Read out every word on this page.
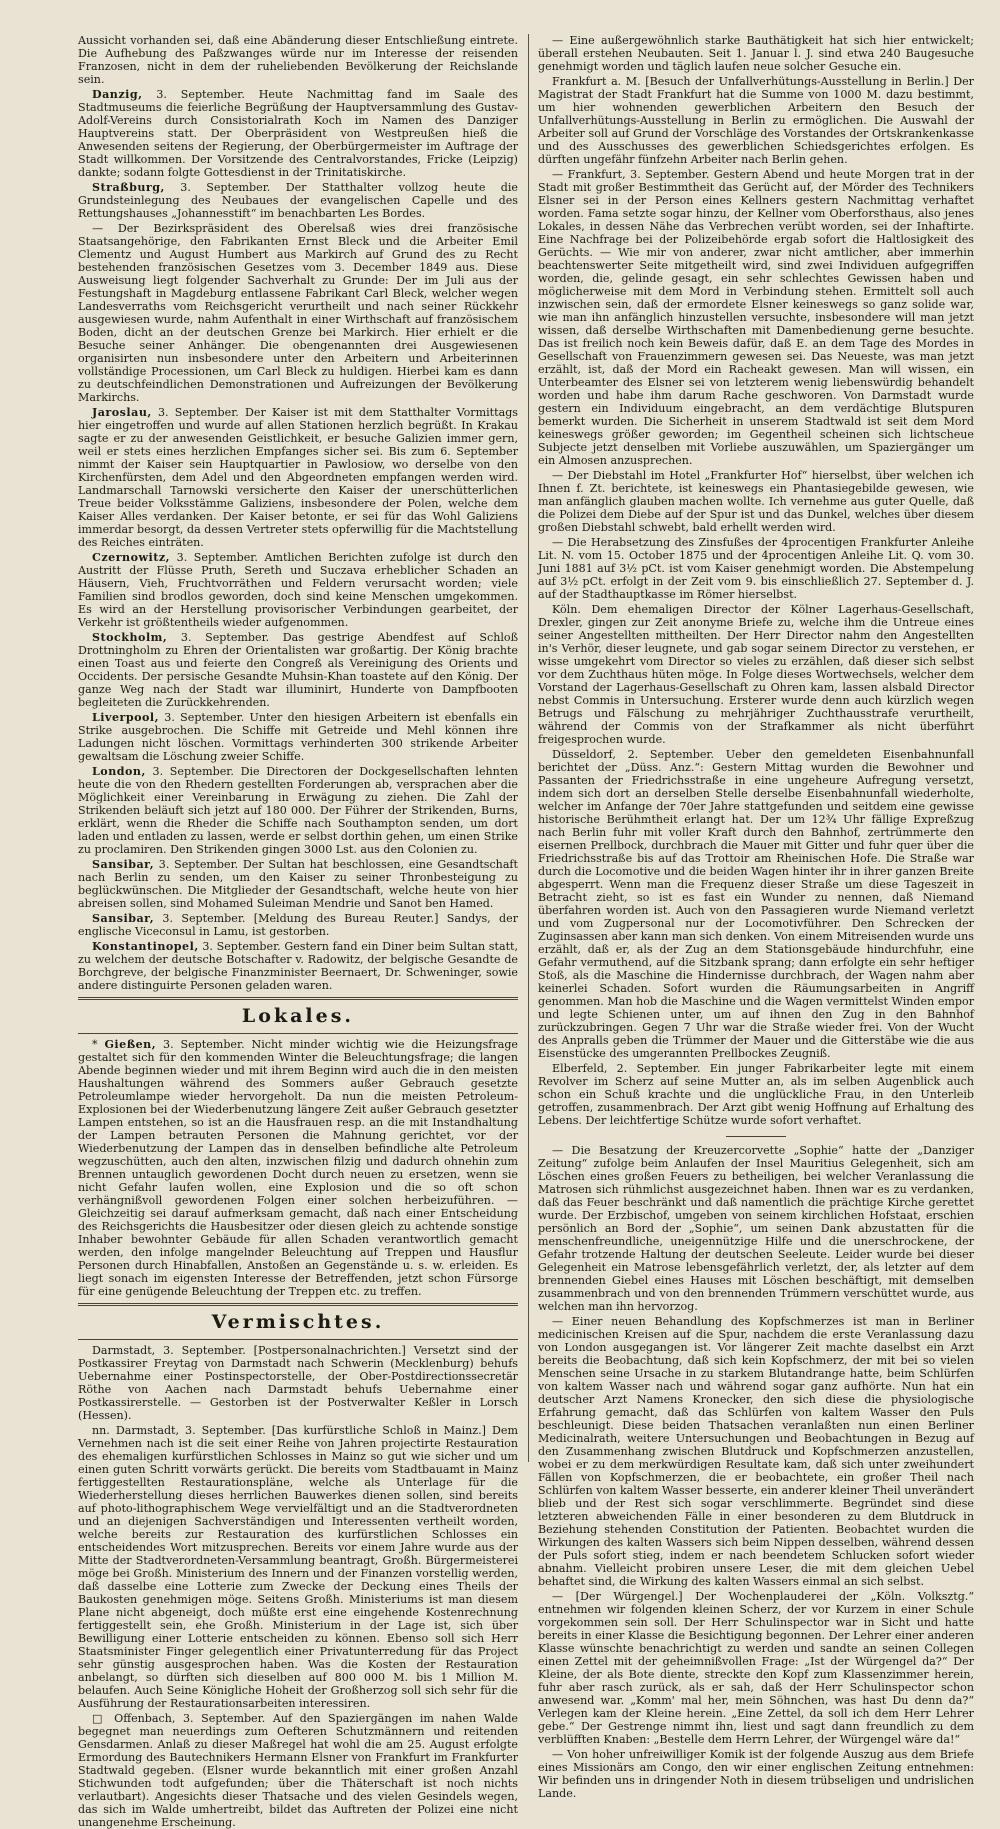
Aussicht vorhanden sei, daß eine Abänderung dieser Entschließung eintrete. Die Aufhebung des Paßzwanges würde nur im Interesse der reisenden Franzosen, nicht in dem der ruheliebenden Bevölkerung der Reichslande sein.

Danzig, 3. September. Heute Nachmittag fand im Saale des Stadtmuseums die feierliche Begrüßung der Hauptversammlung des Gustav-Adolf-Vereins durch Consistorialrath Koch im Namen des Danziger Hauptvereins statt. Der Oberpräsident von Westpreußen hieß die Anwesenden seitens der Regierung, der Oberbürgermeister im Auftrage der Stadt willkommen. Der Vorsitzende des Centralvorstandes, Fricke (Leipzig) dankte; sodann folgte Gottesdienst in der Trinitatiskirche.

Straßburg, 3. September. Der Statthalter vollzog heute die Grundsteinlegung des Neubaues der evangelischen Capelle und des Rettungshauses „Johannesstift“ im benachbarten Les Bordes.

— Der Bezirkspräsident des Oberelsaß wies drei französische Staatsangehörige, den Fabrikanten Ernst Bleck und die Arbeiter Emil Clementz und August Humbert aus Markirch auf Grund des zu Recht bestehenden französischen Gesetzes vom 3. December 1849 aus. Diese Ausweisung liegt folgender Sachverhalt zu Grunde: Der im Juli aus der Festungshaft in Magdeburg entlassene Fabrikant Carl Bleck, welcher wegen Landesverraths vom Reichsgericht verurtheilt und nach seiner Rückkehr ausgewiesen wurde, nahm Aufenthalt in einer Wirthschaft auf französischem Boden, dicht an der deutschen Grenze bei Markirch. Hier erhielt er die Besuche seiner Anhänger. Die obengenannten drei Ausgewiesenen organisirten nun insbesondere unter den Arbeitern und Arbeiterinnen vollständige Processionen, um Carl Bleck zu huldigen. Hierbei kam es dann zu deutschfeindlichen Demonstrationen und Aufreizungen der Bevölkerung Markirchs.

Jaroslau, 3. September. Der Kaiser ist mit dem Statthalter Vormittags hier eingetroffen und wurde auf allen Stationen herzlich begrüßt. In Krakau sagte er zu der anwesenden Geistlichkeit, er besuche Galizien immer gern, weil er stets eines herzlichen Empfanges sicher sei. Bis zum 6. September nimmt der Kaiser sein Hauptquartier in Pawlosiow, wo derselbe von den Kirchenfürsten, dem Adel und den Abgeordneten empfangen werden wird. Landmarschall Tarnowski versicherte den Kaiser der unerschütterlichen Treue beider Volksstämme Galiziens, insbesondere der Polen, welche dem Kaiser Alles verdanken. Der Kaiser betonte, er sei für das Wohl Galiziens immerdar besorgt, da dessen Vertreter stets opferwillig für die Machtstellung des Reiches einträten.

Czernowitz, 3. September. Amtlichen Berichten zufolge ist durch den Austritt der Flüsse Pruth, Sereth und Suczava erheblicher Schaden an Häusern, Vieh, Fruchtvorräthen und Feldern verursacht worden; viele Familien sind brodlos geworden, doch sind keine Menschen umgekommen. Es wird an der Herstellung provisorischer Verbindungen gearbeitet, der Verkehr ist größtentheils wieder aufgenommen.

Stockholm, 3. September. Das gestrige Abendfest auf Schloß Drottningholm zu Ehren der Orientalisten war großartig. Der König brachte einen Toast aus und feierte den Congreß als Vereinigung des Orients und Occidents. Der persische Gesandte Muhsin-Khan toastete auf den König. Der ganze Weg nach der Stadt war illuminirt, Hunderte von Dampfbooten begleiteten die Zurückkehrenden.

Liverpool, 3. September. Unter den hiesigen Arbeitern ist ebenfalls ein Strike ausgebrochen. Die Schiffe mit Getreide und Mehl können ihre Ladungen nicht löschen. Vormittags verhinderten 300 strikende Arbeiter gewaltsam die Löschung zweier Schiffe.

London, 3. September. Die Directoren der Dockgesellschaften lehnten heute die von den Rhedern gestellten Forderungen ab, versprachen aber die Möglichkeit einer Vereinbarung in Erwägung zu ziehen. Die Zahl der Strikenden beläuft sich jetzt auf 180 000. Der Führer der Strikenden, Burns, erklärt, wenn die Rheder die Schiffe nach Southampton senden, um dort laden und entladen zu lassen, werde er selbst dorthin gehen, um einen Strike zu proclamiren. Den Strikenden gingen 3000 Lst. aus den Colonien zu.

Sansibar, 3. September. Der Sultan hat beschlossen, eine Gesandtschaft nach Berlin zu senden, um den Kaiser zu seiner Thronbesteigung zu beglückwünschen. Die Mitglieder der Gesandtschaft, welche heute von hier abreisen sollen, sind Mohamed Suleiman Mendrie und Sanot ben Hamed.

Sansibar, 3. September. [Meldung des Bureau Reuter.] Sandys, der englische Viceconsul in Lamu, ist gestorben.

Konstantinopel, 3. September. Gestern fand ein Diner beim Sultan statt, zu welchem der deutsche Botschafter v. Radowitz, der belgische Gesandte de Borchgreve, der belgische Finanzminister Beernaert, Dr. Schweninger, sowie andere distinguirte Personen geladen waren.

Lokales.

* Gießen, 3. September. Nicht minder wichtig wie die Heizungsfrage gestaltet sich für den kommenden Winter die Beleuchtungsfrage; die langen Abende beginnen wieder und mit ihrem Beginn wird auch die in den meisten Haushaltungen während des Sommers außer Gebrauch gesetzte Petroleumlampe wieder hervorgeholt. Da nun die meisten Petroleum-Explosionen bei der Wiederbenutzung längere Zeit außer Gebrauch gesetzter Lampen entstehen, so ist an die Hausfrauen resp. an die mit Instandhaltung der Lampen betrauten Personen die Mahnung gerichtet, vor der Wiederbenutzung der Lampen das in denselben befindliche alte Petroleum wegzuschütten, auch den alten, inzwischen filzig und dadurch ohnehin zum Brennen untauglich gewordenen Docht durch neuen zu ersetzen, wenn sie nicht Gefahr laufen wollen, eine Explosion und die so oft schon verhängnißvoll gewordenen Folgen einer solchen herbeizuführen. — Gleichzeitig sei darauf aufmerksam gemacht, daß nach einer Entscheidung des Reichsgerichts die Hausbesitzer oder diesen gleich zu achtende sonstige Inhaber bewohnter Gebäude für allen Schaden verantwortlich gemacht werden, den infolge mangelnder Beleuchtung auf Treppen und Hausflur Personen durch Hinabfallen, Anstoßen an Gegenstände u. s. w. erleiden. Es liegt sonach im eigensten Interesse der Betreffenden, jetzt schon Fürsorge für eine genügende Beleuchtung der Treppen etc. zu treffen.

Vermischtes.

Darmstadt, 3. September. [Postpersonalnachrichten.] Versetzt sind der Postkassirer Freytag von Darmstadt nach Schwerin (Mecklenburg) behufs Uebernahme einer Postinspectorstelle, der Ober-Postdirectionssecretär Röthe von Aachen nach Darmstadt behufs Uebernahme einer Postkassirerstelle. — Gestorben ist der Postverwalter Keßler in Lorsch (Hessen).

nn. Darmstadt, 3. September. [Das kurfürstliche Schloß in Mainz.] Dem Vernehmen nach ist die seit einer Reihe von Jahren projectirte Restauration des ehemaligen kurfürstlichen Schlosses in Mainz so gut wie sicher und um einen guten Schritt vorwärts gerückt. Die bereits vom Stadtbauamt in Mainz fertiggestellten Restaurationspläne, welche als Unterlage für die Wiederherstellung dieses herrlichen Bauwerkes dienen sollen, sind bereits auf photo-lithographischem Wege vervielfältigt und an die Stadtverordneten und an diejenigen Sachverständigen und Interessenten vertheilt worden, welche bereits zur Restauration des kurfürstlichen Schlosses ein entscheidendes Wort mitzusprechen. Bereits vor einem Jahre wurde aus der Mitte der Stadtverordneten-Versammlung beantragt, Großh. Bürgermeisterei möge bei Großh. Ministerium des Innern und der Finanzen vorstellig werden, daß dasselbe eine Lotterie zum Zwecke der Deckung eines Theils der Baukosten genehmigen möge. Seitens Großh. Ministeriums ist man diesem Plane nicht abgeneigt, doch müßte erst eine eingehende Kostenrechnung fertiggestellt sein, ehe Großh. Ministerium in der Lage ist, sich über Bewilligung einer Lotterie entscheiden zu können. Ebenso soll sich Herr Staatsminister Finger gelegentlich einer Privatunterredung für das Project sehr günstig ausgesprochen haben. Was die Kosten der Restauration anbelangt, so dürften sich dieselben auf 800 000 M. bis 1 Million M. belaufen. Auch Seine Königliche Hoheit der Großherzog soll sich sehr für die Ausführung der Restaurationsarbeiten interessiren.

□ Offenbach, 3. September. Auf den Spaziergängen im nahen Walde begegnet man neuerdings zum Oefteren Schutzmännern und reitenden Gensdarmen. Anlaß zu dieser Maßregel hat wohl die am 25. August erfolgte Ermordung des Bautechnikers Hermann Elsner von Frankfurt im Frankfurter Stadtwald gegeben. (Elsner wurde bekanntlich mit einer großen Anzahl Stichwunden todt aufgefunden; über die Thäterschaft ist noch nichts verlautbart). Angesichts dieser Thatsache und des vielen Gesindels wegen, das sich im Walde umhertreibt, bildet das Auftreten der Polizei eine nicht unangenehme Erscheinung.

— Eine außergewöhnlich starke Bauthätigkeit hat sich hier entwickelt; überall erstehen Neubauten. Seit 1. Januar l. J. sind etwa 240 Baugesuche genehmigt worden und täglich laufen neue solcher Gesuche ein.

Frankfurt a. M. [Besuch der Unfallverhütungs-Ausstellung in Berlin.] Der Magistrat der Stadt Frankfurt hat die Summe von 1000 M. dazu bestimmt, um hier wohnenden gewerblichen Arbeitern den Besuch der Unfallverhütungs-Ausstellung in Berlin zu ermöglichen. Die Auswahl der Arbeiter soll auf Grund der Vorschläge des Vorstandes der Ortskrankenkasse und des Ausschusses des gewerblichen Schiedsgerichtes erfolgen. Es dürften ungefähr fünfzehn Arbeiter nach Berlin gehen.

— Frankfurt, 3. September. Gestern Abend und heute Morgen trat in der Stadt mit großer Bestimmtheit das Gerücht auf, der Mörder des Technikers Elsner sei in der Person eines Kellners gestern Nachmittag verhaftet worden. Fama setzte sogar hinzu, der Kellner vom Oberforsthaus, also jenes Lokales, in dessen Nähe das Verbrechen verübt worden, sei der Inhaftirte. Eine Nachfrage bei der Polizeibehörde ergab sofort die Haltlosigkeit des Gerüchts. — Wie mir von anderer, zwar nicht amtlicher, aber immerhin beachtenswerter Seite mitgetheilt wird, sind zwei Individuen aufgegriffen worden, die, gelinde gesagt, ein sehr schlechtes Gewissen haben und möglicherweise mit dem Mord in Verbindung stehen. Ermittelt soll auch inzwischen sein, daß der ermordete Elsner keineswegs so ganz solide war, wie man ihn anfänglich hinzustellen versuchte, insbesondere will man jetzt wissen, daß derselbe Wirthschaften mit Damenbedienung gerne besuchte. Das ist freilich noch kein Beweis dafür, daß E. an dem Tage des Mordes in Gesellschaft von Frauenzimmern gewesen sei. Das Neueste, was man jetzt erzählt, ist, daß der Mord ein Racheakt gewesen. Man will wissen, ein Unterbeamter des Elsner sei von letzterem wenig liebenswürdig behandelt worden und habe ihm darum Rache geschworen. Von Darmstadt wurde gestern ein Individuum eingebracht, an dem verdächtige Blutspuren bemerkt wurden. Die Sicherheit in unserem Stadtwald ist seit dem Mord keineswegs größer geworden; im Gegentheil scheinen sich lichtscheue Subjecte jetzt denselben mit Vorliebe auszuwählen, um Spaziergänger um ein Almosen anzusprechen.

— Der Diebstahl im Hotel „Frankfurter Hof“ hierselbst, über welchen ich Ihnen f. Zt. berichtete, ist keineswegs ein Phantasiegebilde gewesen, wie man anfänglich glauben machen wollte. Ich vernehme aus guter Quelle, daß die Polizei dem Diebe auf der Spur ist und das Dunkel, welches über diesem großen Diebstahl schwebt, bald erhellt werden wird.

— Die Herabsetzung des Zinsfußes der 4procentigen Frankfurter Anleihe Lit. N. vom 15. October 1875 und der 4procentigen Anleihe Lit. Q. vom 30. Juni 1881 auf 3½ pCt. ist vom Kaiser genehmigt worden. Die Abstempelung auf 3½ pCt. erfolgt in der Zeit vom 9. bis einschließlich 27. September d. J. auf der Stadthauptkasse im Römer hierselbst.

Köln. Dem ehemaligen Director der Kölner Lagerhaus-Gesellschaft, Drexler, gingen zur Zeit anonyme Briefe zu, welche ihm die Untreue eines seiner Angestellten mittheilten. Der Herr Director nahm den Angestellten in's Verhör, dieser leugnete, und gab sogar seinem Director zu verstehen, er wisse umgekehrt vom Director so vieles zu erzählen, daß dieser sich selbst vor dem Zuchthaus hüten möge. In Folge dieses Wortwechsels, welcher dem Vorstand der Lagerhaus-Gesellschaft zu Ohren kam, lassen alsbald Director nebst Commis in Untersuchung. Ersterer wurde denn auch kürzlich wegen Betrugs und Fälschung zu mehrjähriger Zuchthausstrafe verurtheilt, während der Commis von der Strafkammer als nicht überführt freigesprochen wurde.

Düsseldorf, 2. September. Ueber den gemeldeten Eisenbahnunfall berichtet der „Düss. Anz.“: Gestern Mittag wurden die Bewohner und Passanten der Friedrichsstraße in eine ungeheure Aufregung versetzt, indem sich dort an derselben Stelle derselbe Eisenbahnunfall wiederholte, welcher im Anfange der 70er Jahre stattgefunden und seitdem eine gewisse historische Berühmtheit erlangt hat. Der um 12¾ Uhr fällige Expreßzug nach Berlin fuhr mit voller Kraft durch den Bahnhof, zertrümmerte den eisernen Prellbock, durchbrach die Mauer mit Gitter und fuhr quer über die Friedrichsstraße bis auf das Trottoir am Rheinischen Hofe. Die Straße war durch die Locomotive und die beiden Wagen hinter ihr in ihrer ganzen Breite abgesperrt. Wenn man die Frequenz dieser Straße um diese Tageszeit in Betracht zieht, so ist es fast ein Wunder zu nennen, daß Niemand überfahren worden ist. Auch von den Passagieren wurde Niemand verletzt und vom Zugpersonal nur der Locomotivführer. Den Schrecken der Zuginsassen aber kann man sich denken. Von einem Mitreisenden wurde uns erzählt, daß er, als der Zug an dem Stationsgebäude hindurchfuhr, eine Gefahr vermuthend, auf die Sitzbank sprang; dann erfolgte ein sehr heftiger Stoß, als die Maschine die Hindernisse durchbrach, der Wagen nahm aber keinerlei Schaden. Sofort wurden die Räumungsarbeiten in Angriff genommen. Man hob die Maschine und die Wagen vermittelst Winden empor und legte Schienen unter, um auf ihnen den Zug in den Bahnhof zurückzubringen. Gegen 7 Uhr war die Straße wieder frei. Von der Wucht des Anpralls geben die Trümmer der Mauer und die Gitterstäbe wie die aus Eisenstücke des umgerannten Prellbockes Zeugniß.

Elberfeld, 2. September. Ein junger Fabrikarbeiter legte mit einem Revolver im Scherz auf seine Mutter an, als im selben Augenblick auch schon ein Schuß krachte und die unglückliche Frau, in den Unterleib getroffen, zusammenbrach. Der Arzt gibt wenig Hoffnung auf Erhaltung des Lebens. Der leichtfertige Schütze wurde sofort verhaftet.

— Die Besatzung der Kreuzercorvette „Sophie“ hatte der „Danziger Zeitung“ zufolge beim Anlaufen der Insel Mauritius Gelegenheit, sich am Löschen eines großen Feuers zu betheiligen, bei welcher Veranlassung die Matrosen sich rühmlichst ausgezeichnet haben. Ihnen war es zu verdanken, daß das Feuer beschränkt und daß namentlich die prächtige Kirche gerettet wurde. Der Erzbischof, umgeben von seinem kirchlichen Hofstaat, erschien persönlich an Bord der „Sophie“, um seinen Dank abzustatten für die menschenfreundliche, uneigennützige Hilfe und die unerschrockene, der Gefahr trotzende Haltung der deutschen Seeleute. Leider wurde bei dieser Gelegenheit ein Matrose lebensgefährlich verletzt, der, als letzter auf dem brennenden Giebel eines Hauses mit Löschen beschäftigt, mit demselben zusammenbrach und von den brennenden Trümmern verschüttet wurde, aus welchen man ihn hervorzog.

— Einer neuen Behandlung des Kopfschmerzes ist man in Berliner medicinischen Kreisen auf die Spur, nachdem die erste Veranlassung dazu von London ausgegangen ist. Vor längerer Zeit machte daselbst ein Arzt bereits die Beobachtung, daß sich kein Kopfschmerz, der mit bei so vielen Menschen seine Ursache in zu starkem Blutandrange hatte, beim Schlürfen von kaltem Wasser nach und während sogar ganz aufhörte. Nun hat ein deutscher Arzt Namens Kronecker, den sich diese die physiologische Erfahrung gemacht, daß das Schlürfen von kaltem Wasser den Puls beschleunigt. Diese beiden Thatsachen veranlaßten nun einen Berliner Medicinalrath, weitere Untersuchungen und Beobachtungen in Bezug auf den Zusammenhang zwischen Blutdruck und Kopfschmerzen anzustellen, wobei er zu dem merkwürdigen Resultate kam, daß sich unter zweihundert Fällen von Kopfschmerzen, die er beobachtete, ein großer Theil nach Schlürfen von kaltem Wasser besserte, ein anderer kleiner Theil unverändert blieb und der Rest sich sogar verschlimmerte. Begründet sind diese letzteren abweichenden Fälle in einer besonderen zu dem Blutdruck in Beziehung stehenden Constitution der Patienten. Beobachtet wurden die Wirkungen des kalten Wassers sich beim Nippen desselben, während dessen der Puls sofort stieg, indem er nach beendetem Schlucken sofort wieder abnahm. Vielleicht probiren unsere Leser, die mit dem gleichen Uebel behaftet sind, die Wirkung des kalten Wassers einmal an sich selbst.

— [Der Würgengel.] Der Wochenplauderei der „Köln. Volksztg.“ entnehmen wir folgenden kleinen Scherz, der vor Kurzem in einer Schule vorgekommen sein soll. Der Herr Schulinspector war in Sicht und hatte bereits in einer Klasse die Besichtigung begonnen. Der Lehrer einer anderen Klasse wünschte benachrichtigt zu werden und sandte an seinen Collegen einen Zettel mit der geheimnißvollen Frage: „Ist der Würgengel da?“ Der Kleine, der als Bote diente, streckte den Kopf zum Klassenzimmer herein, fuhr aber rasch zurück, als er sah, daß der Herr Schulinspector schon anwesend war. „Komm' mal her, mein Söhnchen, was hast Du denn da?“ Verlegen kam der Kleine herein. „Eine Zettel, da soll ich dem Herr Lehrer gebe.“ Der Gestrenge nimmt ihn, liest und sagt dann freundlich zu dem verblüfften Knaben: „Bestelle dem Herrn Lehrer, der Würgengel wäre da!“

— Von hoher unfreiwilliger Komik ist der folgende Auszug aus dem Briefe eines Missionärs am Congo, den wir einer englischen Zeitung entnehmen: Wir befinden uns in dringender Noth in diesem trübseligen und undrislichen Lande.
